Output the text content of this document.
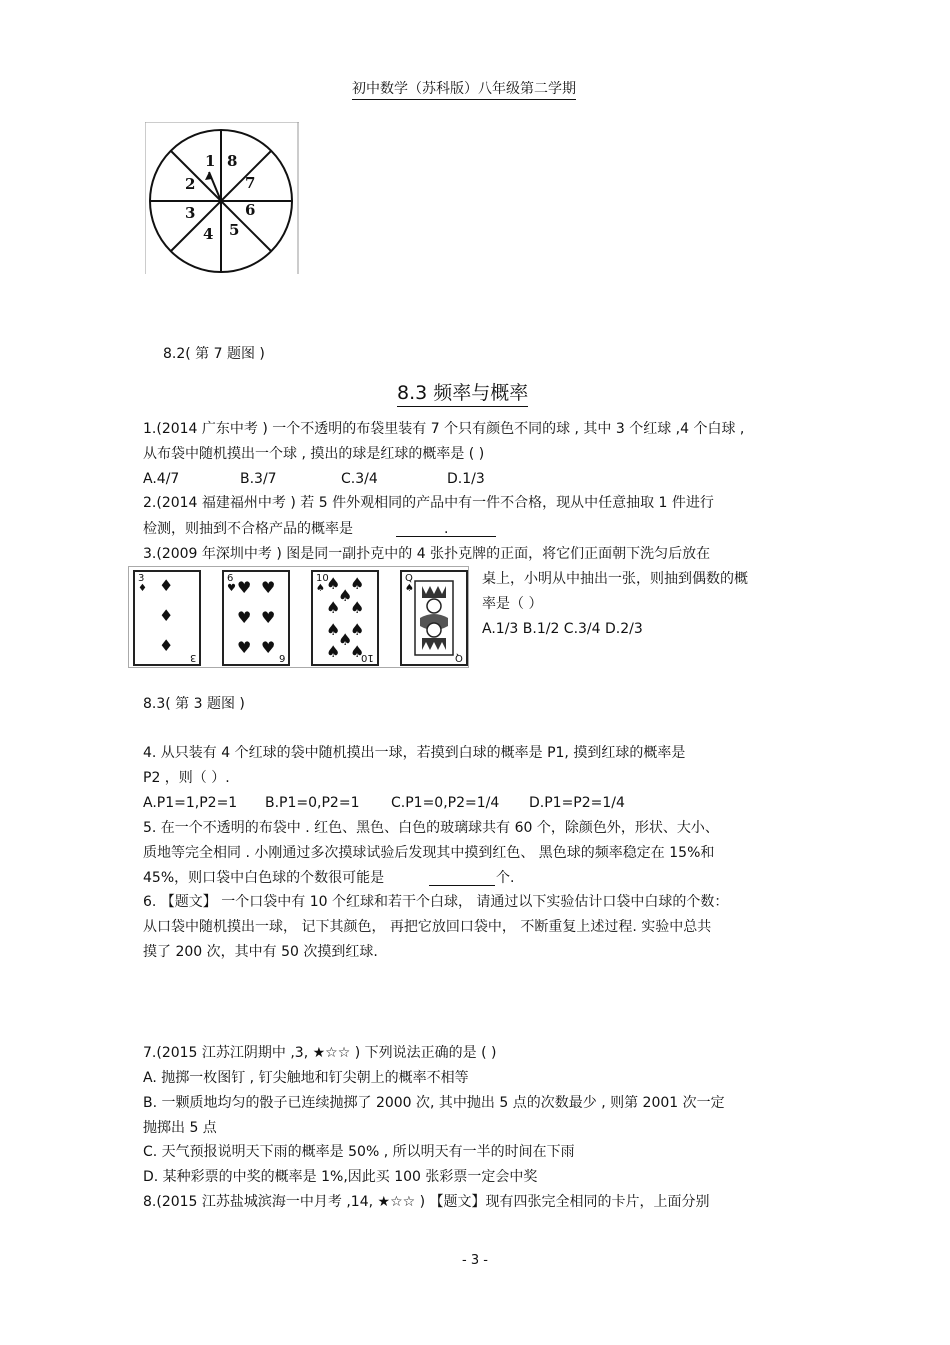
初中数学（苏科版）八年级第二学期
1
2
3
4 5
6
7
8
8.2( 第 7 题图 )
8.3 频率与概率
1.(2014 广东中考 ) 一个不透明的布袋里装有 7 个只有颜色不同的球 , 其中 3 个红球 ,4 个白球 ,
从布袋中随机摸出一个球 , 摸出的球是红球的概率是 ( )
A.4/7	B.3/7	C.3/4	D.1/3
2.(2014 福建福州中考 ) 若 5 件外观相同的产品中有一件不合格，现从中任意抽取 1 件进行
检测，则抽到不合格产品的概率是	.
3.(2009 年深圳中考 ) 图是同一副扑克中的 4 张扑克牌的正面，将它们正面朝下洗匀后放在
3
♦ ♦
♦
♦
3
6
♥ ♥ ♥
♥ ♥
♥ ♥
6
10
♠ ♠ ♠
♠
♠ ♠
♠ ♠
♠
♠ ♠
10
Q
♠
Q
桌上，小明从中抽出一张，则抽到偶数的概
率是（ ）
A.1/3 B.1/2 C.3/4 D.2/3
8.3( 第 3 题图 )
4. 从只装有 4 个红球的袋中随机摸出一球，若摸到白球的概率是 P1, 摸到红球的概率是
P2 ，则（ ）.
A.P1=1,P2=1 B.P1=0,P2=1 C.P1=0,P2=1/4 D.P1=P2=1/4
5. 在一个不透明的布袋中 . 红色、黑色、白色的玻璃球共有 60 个，除颜色外，形状、大小、
质地等完全相同 . 小刚通过多次摸球试验后发现其中摸到红色、 黑色球的频率稳定在 15%和
45%，则口袋中白色球的个数很可能是	个.
6. 【题文】 一个口袋中有 10 个红球和若干个白球， 请通过以下实验估计口袋中白球的个数：
从口袋中随机摸出一球， 记下其颜色， 再把它放回口袋中， 不断重复上述过程. 实验中总共
摸了 200 次，其中有 50 次摸到红球.
7.(2015 江苏江阴期中 ,3, ★☆☆ ) 下列说法正确的是 ( )
A. 抛掷一枚图钉 , 钉尖触地和钉尖朝上的概率不相等
B. 一颗质地均匀的骰子已连续抛掷了 2000 次, 其中抛出 5 点的次数最少 , 则第 2001 次一定
抛掷出 5 点
C. 天气预报说明天下雨的概率是 50% , 所以明天有一半的时间在下雨
D. 某种彩票的中奖的概率是 1%,因此买 100 张彩票一定会中奖
8.(2015 江苏盐城滨海一中月考 ,14, ★☆☆ ) 【题文】现有四张完全相同的卡片，上面分别
- 3 -
